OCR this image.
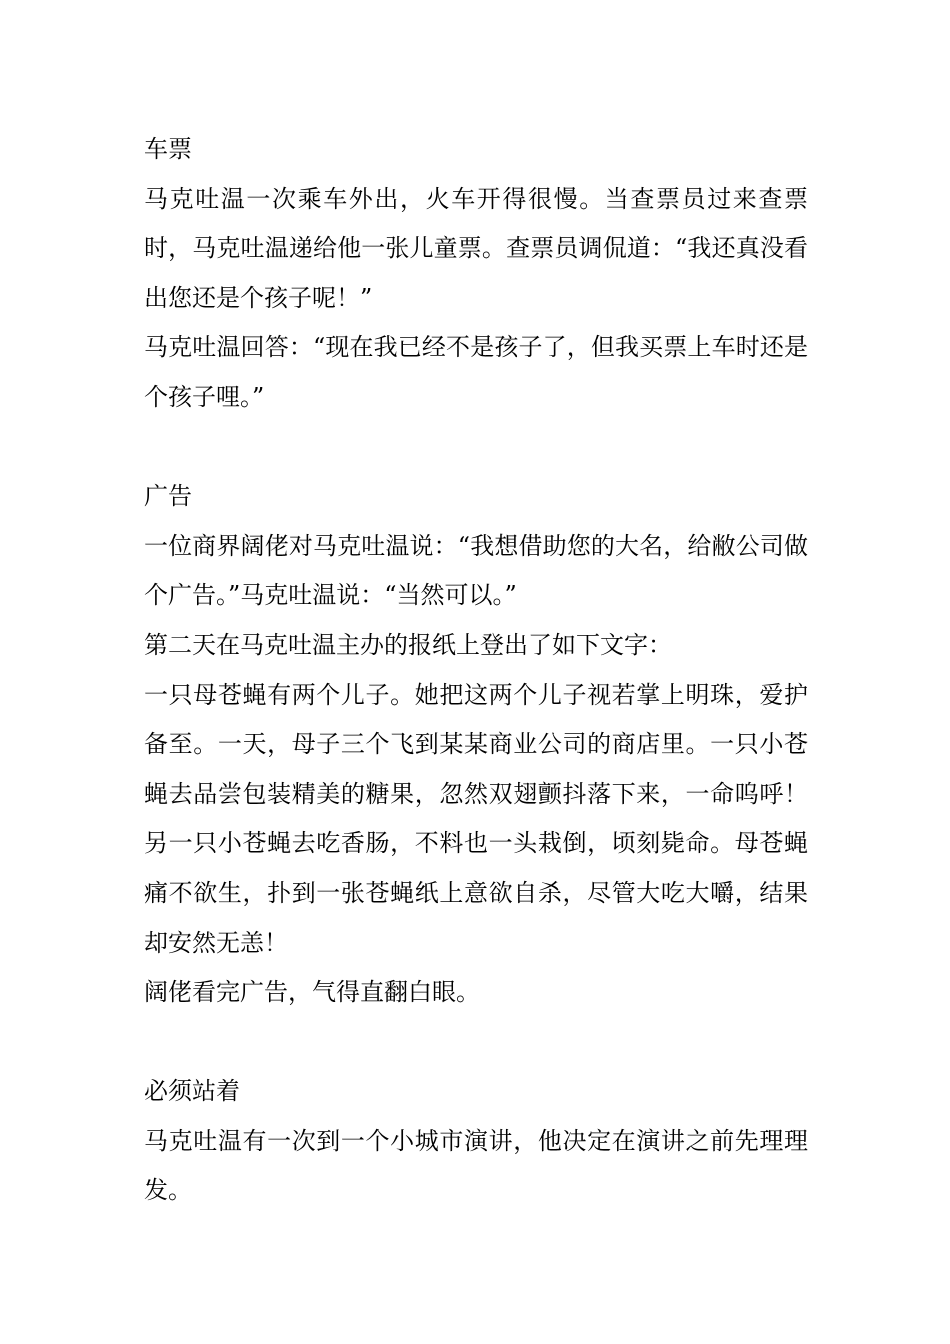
车票

马克吐温一次乘车外出，火车开得很慢。当查票员过来查票时，马克吐温递给他一张儿童票。查票员调侃道：“我还真没看出您还是个孩子呢！”

马克吐温回答：“现在我已经不是孩子了，但我买票上车时还是个孩子哩。”

广告

一位商界阔佬对马克吐温说：“我想借助您的大名，给敝公司做个广告。”马克吐温说：“当然可以。”

第二天在马克吐温主办的报纸上登出了如下文字：

一只母苍蝇有两个儿子。她把这两个儿子视若掌上明珠，爱护备至。一天，母子三个飞到某某商业公司的商店里。一只小苍蝇去品尝包装精美的糖果，忽然双翅颤抖落下来，一命呜呼！另一只小苍蝇去吃香肠，不料也一头栽倒，顷刻毙命。母苍蝇痛不欲生，扑到一张苍蝇纸上意欲自杀，尽管大吃大嚼，结果却安然无恙！

阔佬看完广告，气得直翻白眼。

必须站着

马克吐温有一次到一个小城市演讲，他决定在演讲之前先理理发。
